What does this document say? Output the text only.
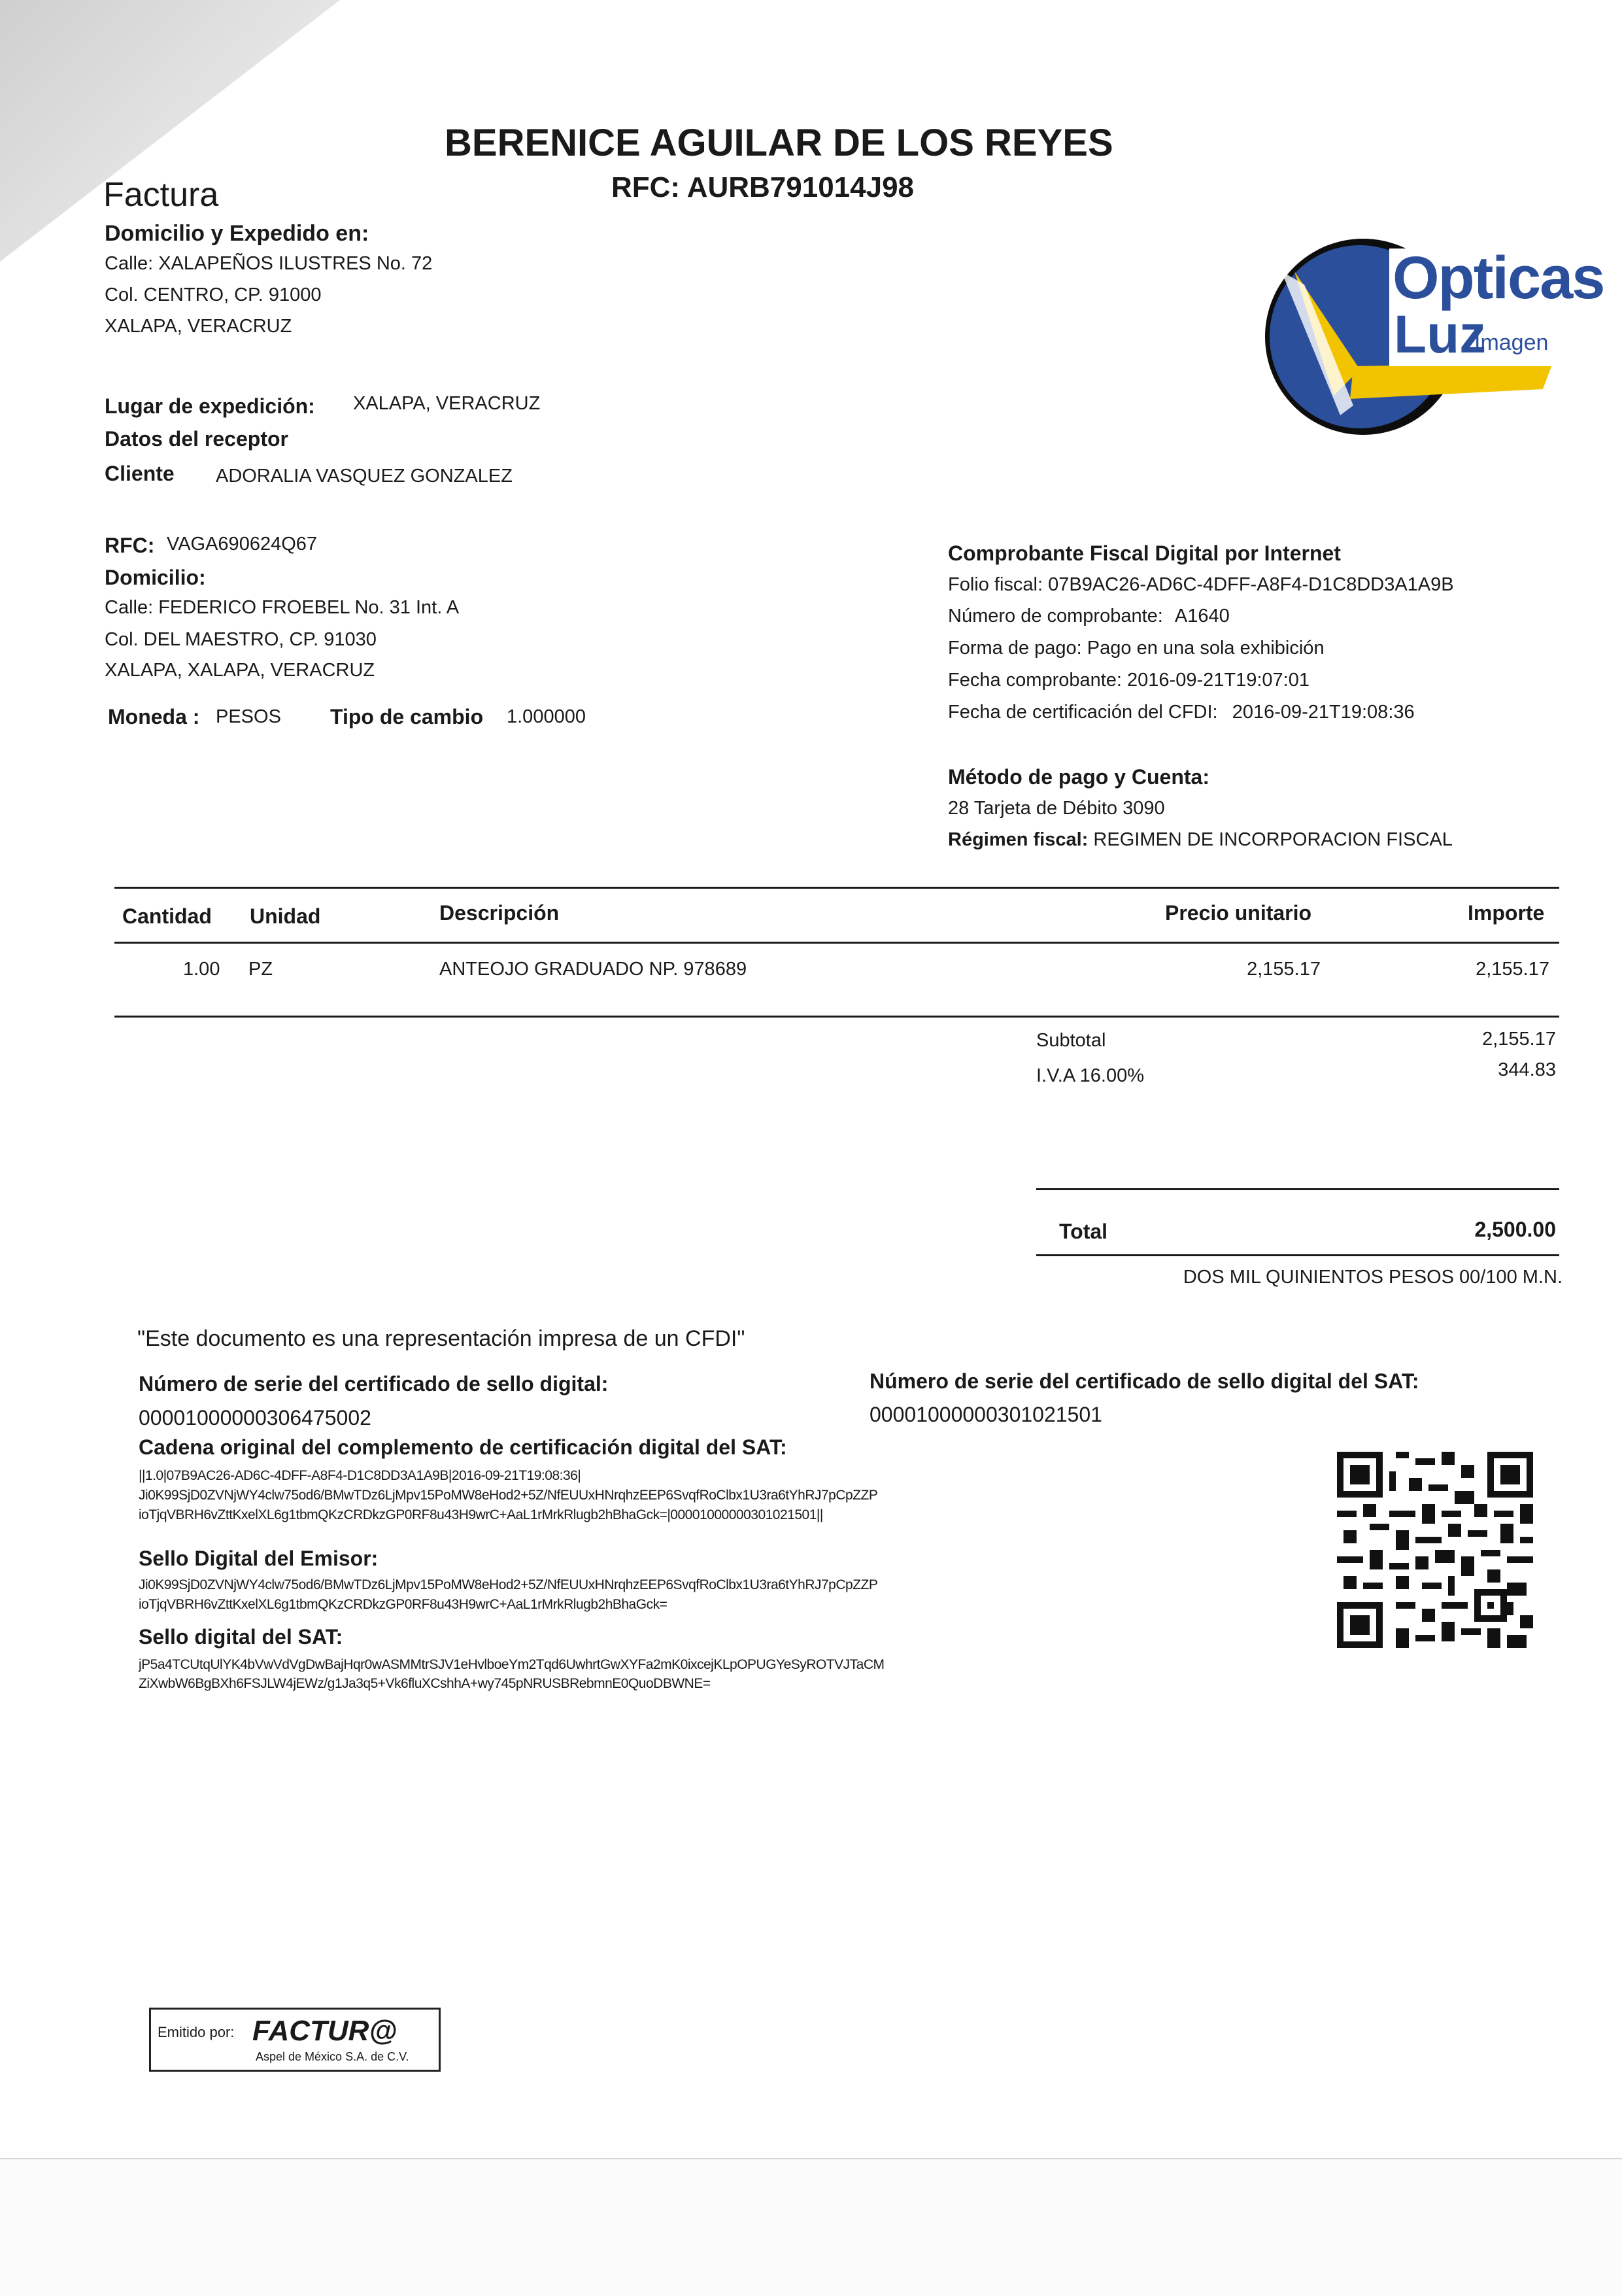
BERENICE AGUILAR DE LOS REYES
RFC: AURB791014J98
Factura
Domicilio y Expedido en:
Calle: XALAPEÑOS ILUSTRES No. 72
Col. CENTRO, CP. 91000
XALAPA, VERACRUZ
Opticas
Luz
Imagen
Lugar de expedición: XALAPA, VERACRUZ
Datos del receptor
Cliente ADORALIA VASQUEZ GONZALEZ
RFC: VAGA690624Q67
Domicilio:
Calle: FEDERICO FROEBEL No. 31 Int. A
Col. DEL MAESTRO, CP. 91030
XALAPA, XALAPA, VERACRUZ
Moneda : PESOS Tipo de cambio 1.000000
Comprobante Fiscal Digital por Internet
Folio fiscal: 07B9AC26-AD6C-4DFF-A8F4-D1C8DD3A1A9B
Número de comprobante: A1640
Forma de pago: Pago en una sola exhibición
Fecha comprobante: 2016-09-21T19:07:01
Fecha de certificación del CFDI: 2016-09-21T19:08:36
Método de pago y Cuenta:
28 Tarjeta de Débito 3090
Régimen fiscal: REGIMEN DE INCORPORACION FISCAL
Cantidad Unidad	Descripción	Precio unitario	Importe
1.00 PZ	ANTEOJO GRADUADO NP. 978689	2,155.17	2,155.17
Subtotal	2,155.17
I.V.A 16.00%	344.83
Total	2,500.00
DOS MIL QUINIENTOS PESOS 00/100 M.N.
"Este documento es una representación impresa de un CFDI"
Número de serie del certificado de sello digital:
00001000000306475002
Número de serie del certificado de sello digital del SAT:
00001000000301021501
Cadena original del complemento de certificación digital del SAT:
||1.0|07B9AC26-AD6C-4DFF-A8F4-D1C8DD3A1A9B|2016-09-21T19:08:36|
Ji0K99SjD0ZVNjWY4clw75od6/BMwTDz6LjMpv15PoMW8eHod2+5Z/NfEUUxHNrqhzEEP6SvqfRoClbx1U3ra6tYhRJ7pCpZZP
ioTjqVBRH6vZttKxelXL6g1tbmQKzCRDkzGP0RF8u43H9wrC+AaL1rMrkRlugb2hBhaGck=|00001000000301021501||
Sello Digital del Emisor:
Ji0K99SjD0ZVNjWY4clw75od6/BMwTDz6LjMpv15PoMW8eHod2+5Z/NfEUUxHNrqhzEEP6SvqfRoClbx1U3ra6tYhRJ7pCpZZP
ioTjqVBRH6vZttKxelXL6g1tbmQKzCRDkzGP0RF8u43H9wrC+AaL1rMrkRlugb2hBhaGck=
Sello digital del SAT:
jP5a4TCUtqUlYK4bVwVdVgDwBajHqr0wASMMtrSJV1eHvlboeYm2Tqd6UwhrtGwXYFa2mK0ixcejKLpOPUGYeSyROTVJTaCM
ZiXwbW6BgBXh6FSJLW4jEWz/g1Ja3q5+Vk6fluXCshhA+wy745pNRUSBRebmnE0QuoDBWNE=
Emitido por: FACTUR@
Aspel de México S.A. de C.V.
